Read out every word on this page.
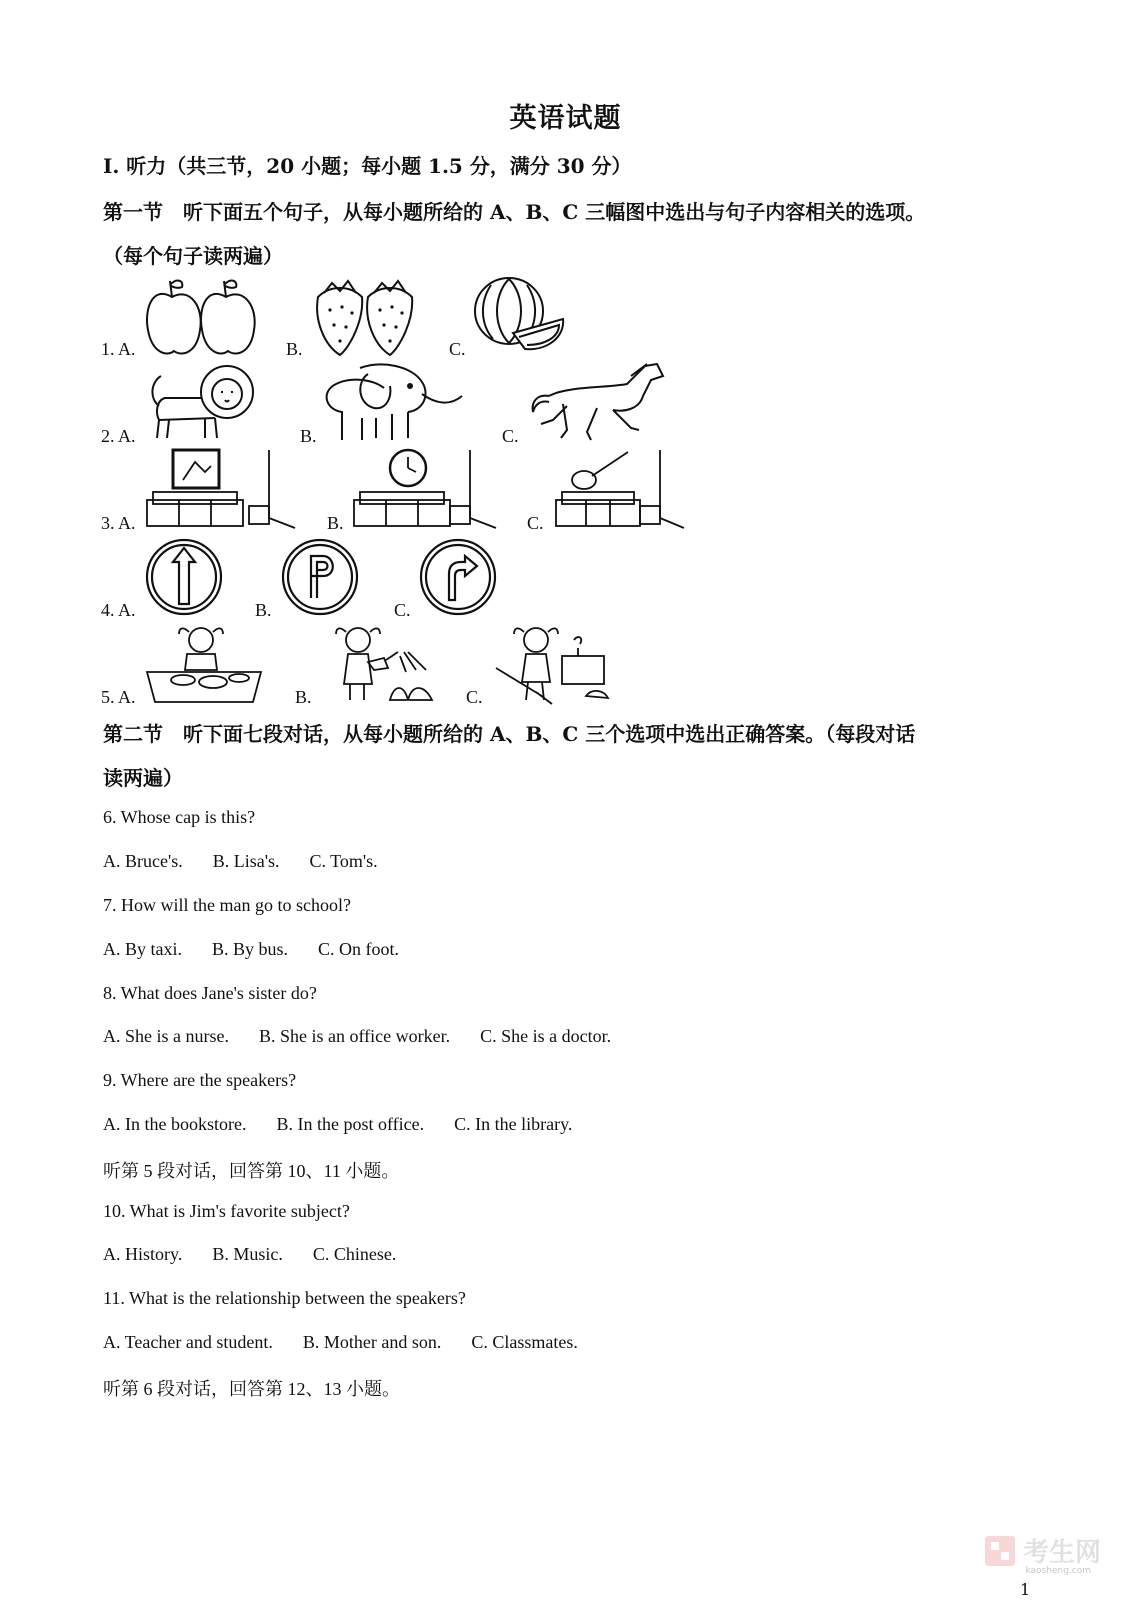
英语试题
I. 听力（共三节，20 小题；每小题 1.5 分，满分 30 分）
第一节　听下面五个句子，从每小题所给的 A、B、C 三幅图中选出与句子内容相关的选项。
（每个句子读两遍）
1. A.	B.	C.
2. A.	B.	C.
3. A.	B.	C.
4. A.	B.	C.
5. A.	B.	C.
第二节　听下面七段对话，从每小题所给的 A、B、C 三个选项中选出正确答案。（每段对话
读两遍）
6. Whose cap is this?
A. Bruce's. B. Lisa's. C. Tom's.
7. How will the man go to school?
A. By taxi. B. By bus. C. On foot.
8. What does Jane's sister do?
A. She is a nurse. B. She is an office worker. C. She is a doctor.
9. Where are the speakers?
A. In the bookstore. B. In the post office. C. In the library.
听第 5 段对话，回答第 10、11 小题。
10. What is Jim's favorite subject?
A. History. B. Music. C. Chinese.
11. What is the relationship between the speakers?
A. Teacher and student. B. Mother and son. C. Classmates.
听第 6 段对话，回答第 12、13 小题。
考生网
kaosheng.com
1
